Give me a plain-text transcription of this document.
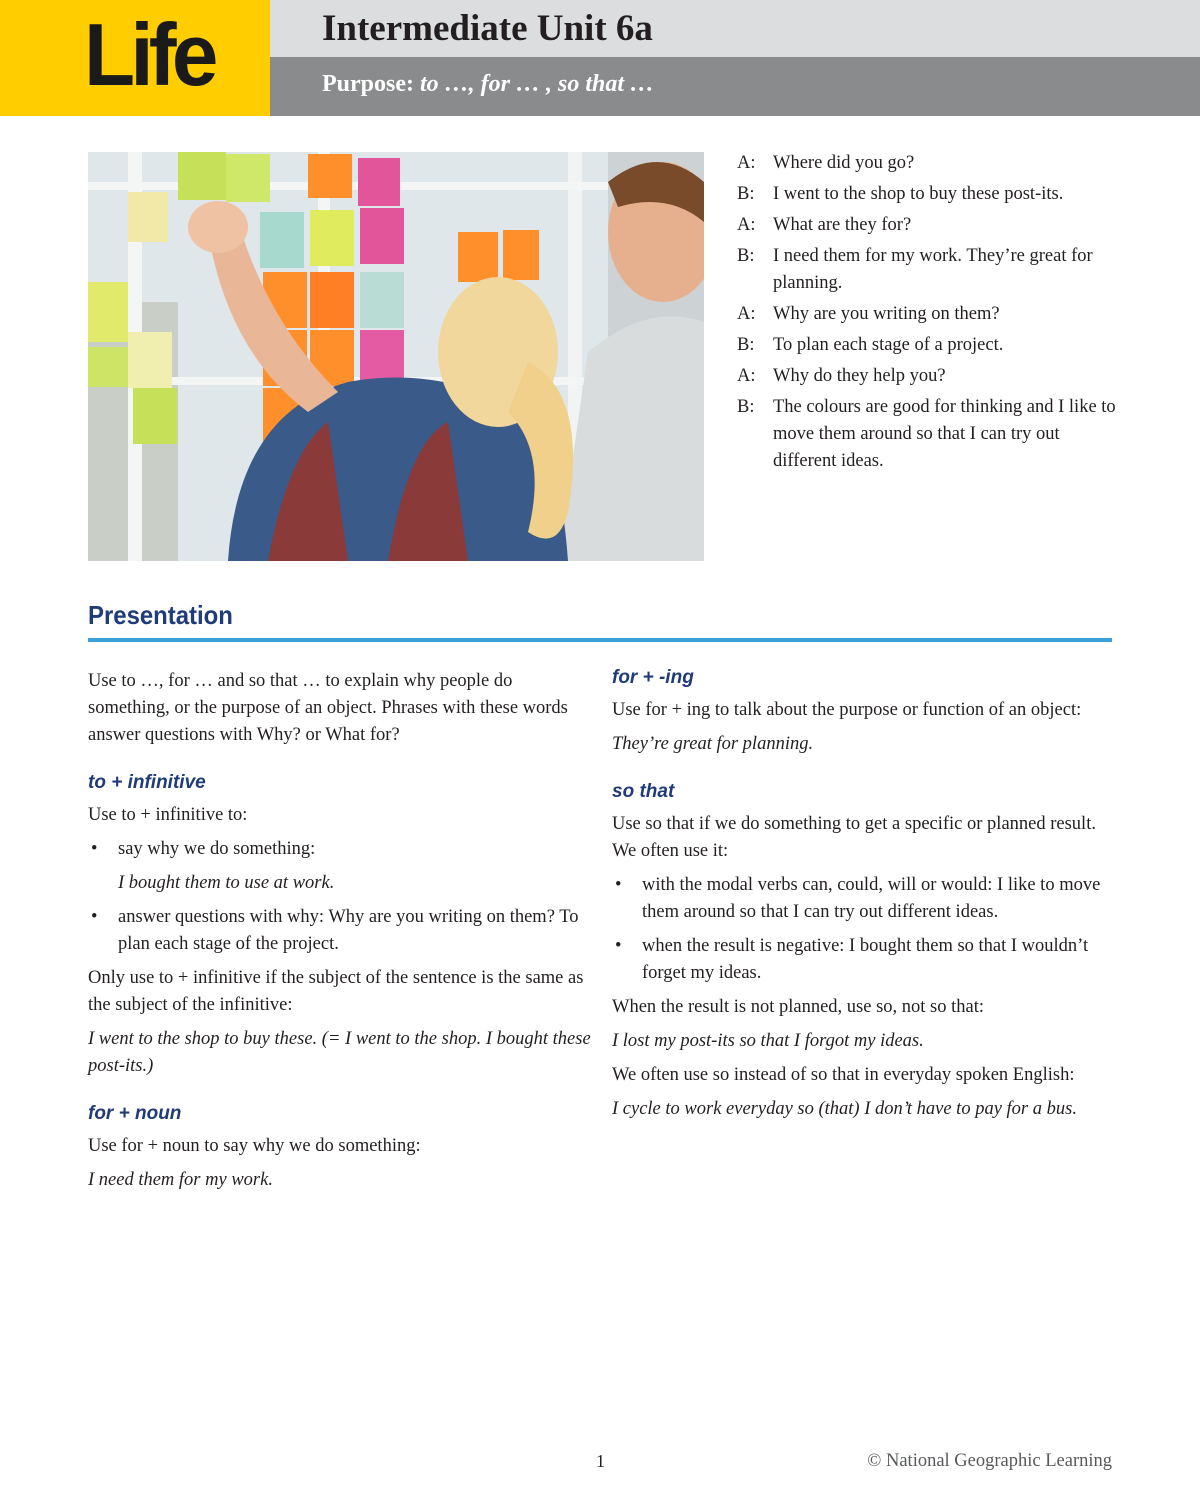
Life	Intermediate Unit 6a
Purpose: to …, for … , so that …
A: Where did you go?
B:	I went to the shop to buy these post-its.
A: What are they for?
B:	I need them for my work. They’re great for planning.
A: Why are you writing on them?
B:	To plan each stage of a project.
A: Why do they help you?
B:	The colours are good for thinking and I like to move them around so that I can try out different ideas.
Presentation

Use to …, for … and so that … to explain why people do something, or the purpose of an object. Phrases with these words answer questions with Why? or What for?

to + infinitive

Use to + infinitive to:

• say why we do something:

I bought them to use at work.

• answer questions with why: Why are you writing on them? To plan each stage of the project.

Only use to + infinitive if the subject of the sentence is the same as the subject of the infinitive:

I went to the shop to buy these. (= I went to the shop. I bought these post-its.)

for + noun

Use for + noun to say why we do something:

I need them for my work.

for + -ing

Use for + ing to talk about the purpose or function of an object:

They’re great for planning.

so that

Use so that if we do something to get a specific or planned result. We often use it:

• with the modal verbs can, could, will or would: I like to move them around so that I can try out different ideas.
• when the result is negative: I bought them so that I wouldn’t forget my ideas.

When the result is not planned, use so, not so that:

I lost my post-its so that I forgot my ideas.

We often use so instead of so that in everyday spoken English:

I cycle to work everyday so (that) I don’t have to pay for a bus.

1	© National Geographic Learning
